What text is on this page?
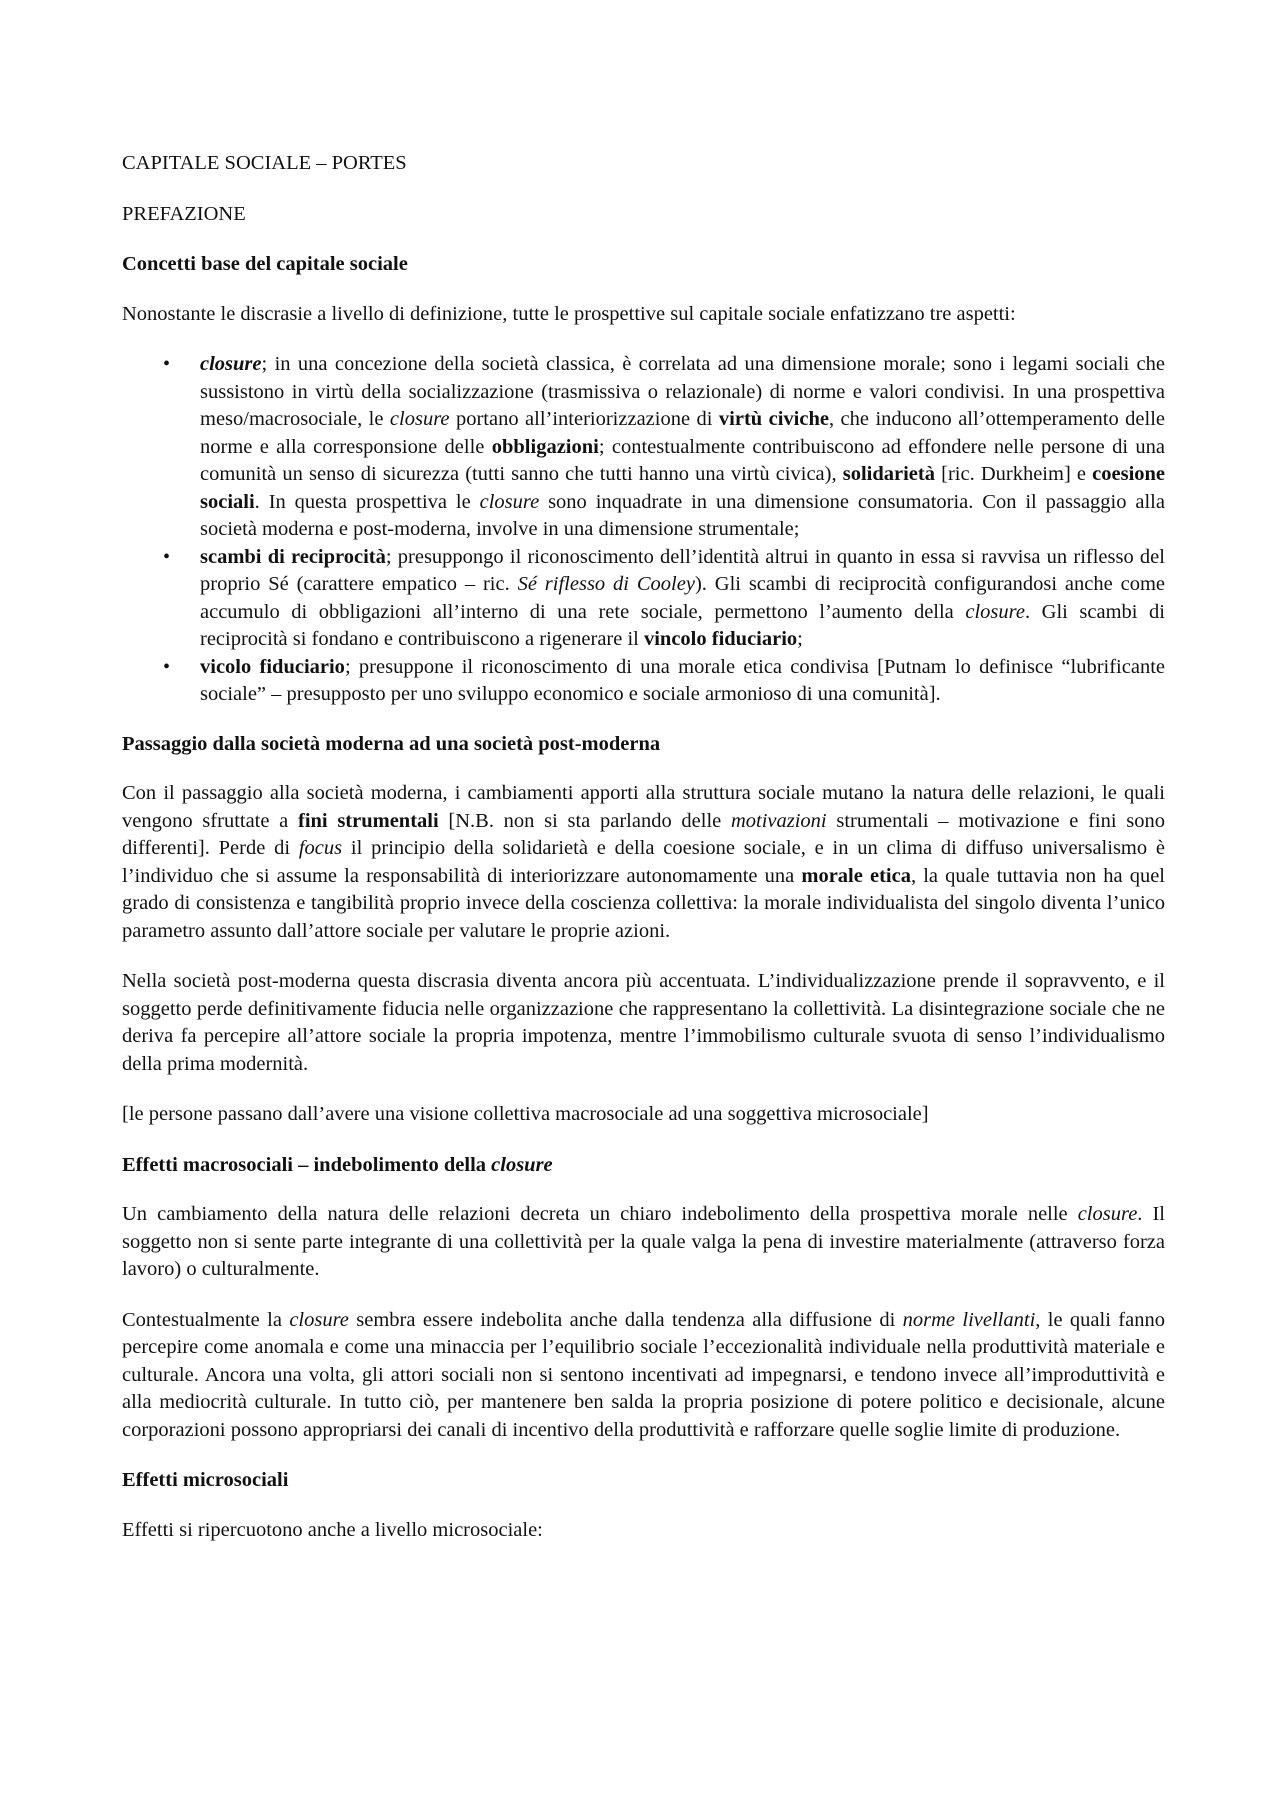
CAPITALE SOCIALE – PORTES

PREFAZIONE

Concetti base del capitale sociale

Nonostante le discrasie a livello di definizione, tutte le prospettive sul capitale sociale enfatizzano tre aspetti:

• closure; in una concezione della società classica, è correlata ad una dimensione morale; sono i legami sociali che sussistono in virtù della socializzazione (trasmissiva o relazionale) di norme e valori condivisi. In una prospettiva meso/macrosociale, le closure portano all’interiorizzazione di virtù civiche, che inducono all’ottemperamento delle norme e alla corresponsione delle obbligazioni; contestualmente contribuiscono ad effondere nelle persone di una comunità un senso di sicurezza (tutti sanno che tutti hanno una virtù civica), solidarietà [ric. Durkheim] e coesione sociali. In questa prospettiva le closure sono inquadrate in una dimensione consumatoria. Con il passaggio alla società moderna e post-moderna, involve in una dimensione strumentale;
• scambi di reciprocità; presuppongo il riconoscimento dell’identità altrui in quanto in essa si ravvisa un riflesso del proprio Sé (carattere empatico – ric. Sé riflesso di Cooley). Gli scambi di reciprocità configurandosi anche come accumulo di obbligazioni all’interno di una rete sociale, permettono l’aumento della closure. Gli scambi di reciprocità si fondano e contribuiscono a rigenerare il vincolo fiduciario;
• vicolo fiduciario; presuppone il riconoscimento di una morale etica condivisa [Putnam lo definisce “lubrificante sociale” – presupposto per uno sviluppo economico e sociale armonioso di una comunità].

Passaggio dalla società moderna ad una società post-moderna

Con il passaggio alla società moderna, i cambiamenti apporti alla struttura sociale mutano la natura delle relazioni, le quali vengono sfruttate a fini strumentali [N.B. non si sta parlando delle motivazioni strumentali – motivazione e fini sono differenti]. Perde di focus il principio della solidarietà e della coesione sociale, e in un clima di diffuso universalismo è l’individuo che si assume la responsabilità di interiorizzare autonomamente una morale etica, la quale tuttavia non ha quel grado di consistenza e tangibilità proprio invece della coscienza collettiva: la morale individualista del singolo diventa l’unico parametro assunto dall’attore sociale per valutare le proprie azioni.

Nella società post-moderna questa discrasia diventa ancora più accentuata. L’individualizzazione prende il sopravvento, e il soggetto perde definitivamente fiducia nelle organizzazione che rappresentano la collettività. La disintegrazione sociale che ne deriva fa percepire all’attore sociale la propria impotenza, mentre l’immobilismo culturale svuota di senso l’individualismo della prima modernità.

[le persone passano dall’avere una visione collettiva macrosociale ad una soggettiva microsociale]

Effetti macrosociali – indebolimento della closure

Un cambiamento della natura delle relazioni decreta un chiaro indebolimento della prospettiva morale nelle closure. Il soggetto non si sente parte integrante di una collettività per la quale valga la pena di investire materialmente (attraverso forza lavoro) o culturalmente.

Contestualmente la closure sembra essere indebolita anche dalla tendenza alla diffusione di norme livellanti, le quali fanno percepire come anomala e come una minaccia per l’equilibrio sociale l’eccezionalità individuale nella produttività materiale e culturale. Ancora una volta, gli attori sociali non si sentono incentivati ad impegnarsi, e tendono invece all’improduttività e alla mediocrità culturale. In tutto ciò, per mantenere ben salda la propria posizione di potere politico e decisionale, alcune corporazioni possono appropriarsi dei canali di incentivo della produttività e rafforzare quelle soglie limite di produzione.

Effetti microsociali

Effetti si ripercuotono anche a livello microsociale:
